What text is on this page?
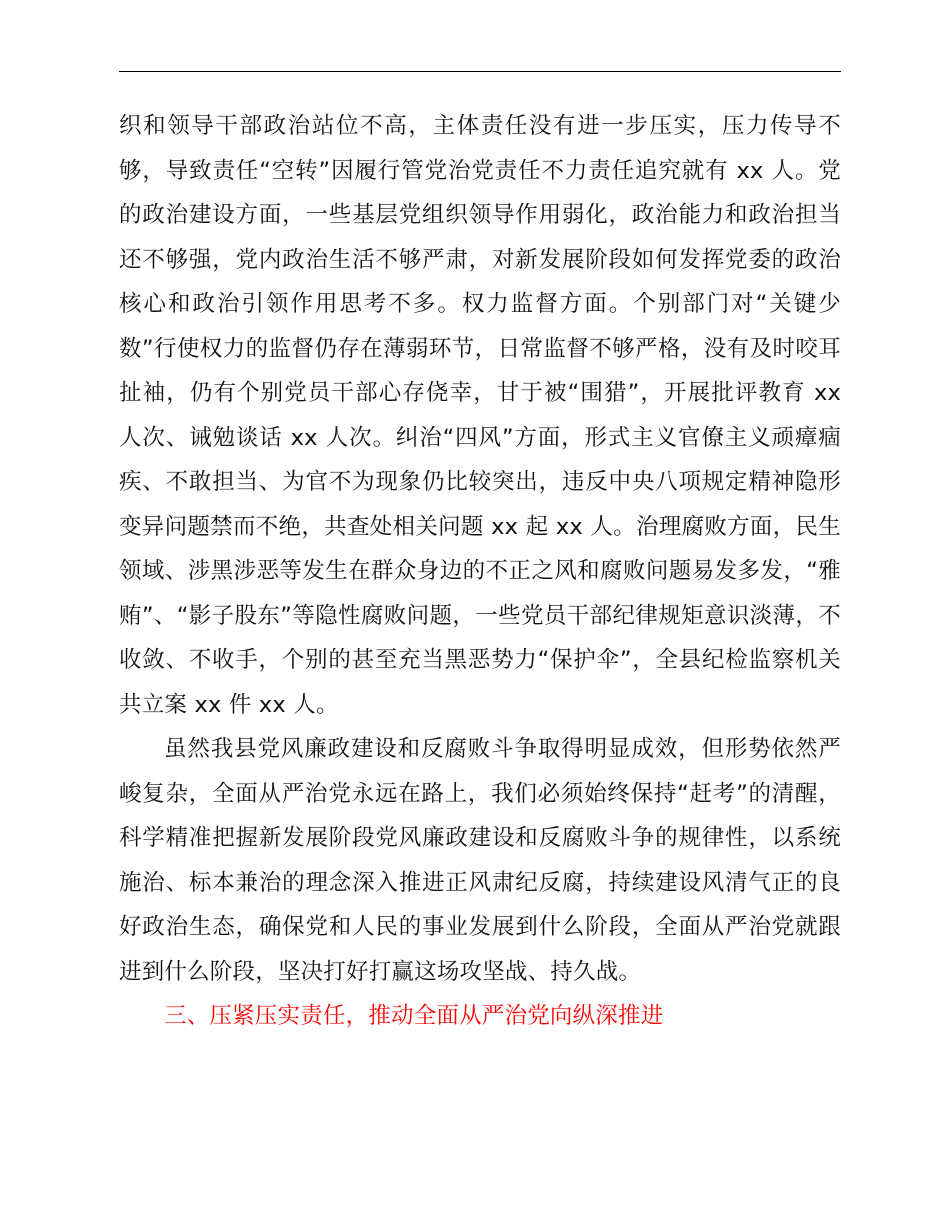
织和领导干部政治站位不高，主体责任没有进一步压实，压力传导不够，导致责任“空转”因履行管党治党责任不力责任追究就有 xx 人。党的政治建设方面，一些基层党组织领导作用弱化，政治能力和政治担当还不够强，党内政治生活不够严肃，对新发展阶段如何发挥党委的政治核心和政治引领作用思考不多。权力监督方面。个别部门对“关键少数”行使权力的监督仍存在薄弱环节，日常监督不够严格，没有及时咬耳扯袖，仍有个别党员干部心存侥幸，甘于被“围猎”，开展批评教育 xx 人次、诫勉谈话 xx 人次。纠治“四风”方面，形式主义官僚主义顽瘴痼疾、不敢担当、为官不为现象仍比较突出，违反中央八项规定精神隐形变异问题禁而不绝，共查处相关问题 xx 起 xx 人。治理腐败方面，民生领域、涉黑涉恶等发生在群众身边的不正之风和腐败问题易发多发，“雅贿”、“影子股东”等隐性腐败问题，一些党员干部纪律规矩意识淡薄，不收敛、不收手，个别的甚至充当黑恶势力“保护伞”，全县纪检监察机关共立案 xx 件 xx 人。

虽然我县党风廉政建设和反腐败斗争取得明显成效，但形势依然严峻复杂，全面从严治党永远在路上，我们必须始终保持“赶考”的清醒，科学精准把握新发展阶段党风廉政建设和反腐败斗争的规律性，以系统施治、标本兼治的理念深入推进正风肃纪反腐，持续建设风清气正的良好政治生态，确保党和人民的事业发展到什么阶段，全面从严治党就跟进到什么阶段，坚决打好打赢这场攻坚战、持久战。

三、压紧压实责任，推动全面从严治党向纵深推进
